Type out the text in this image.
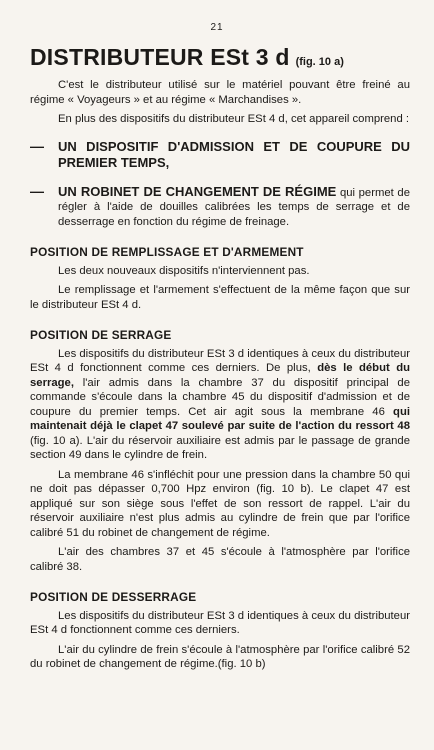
21
DISTRIBUTEUR ESt 3 d (fig. 10 a)

C'est le distributeur utilisé sur le matériel pouvant être freiné au régime « Voyageurs » et au régime « Marchandises ».

En plus des dispositifs du distributeur ESt 4 d, cet appareil comprend :

— UN DISPOSITIF D'ADMISSION ET DE COUPURE DU PREMIER TEMPS,
— UN ROBINET DE CHANGEMENT DE RÉGIME qui permet de régler à l'aide de douilles calibrées les temps de serrage et de desserrage en fonction du régime de freinage.
POSITION DE REMPLISSAGE ET D'ARMEMENT

Les deux nouveaux dispositifs n'interviennent pas.

Le remplissage et l'armement s'effectuent de la même façon que sur le distributeur ESt 4 d.

POSITION DE SERRAGE

Les dispositifs du distributeur ESt 3 d identiques à ceux du distributeur ESt 4 d fonctionnent comme ces derniers. De plus, dès le début du serrage, l'air admis dans la chambre 37 du dispositif principal de commande s'écoule dans la chambre 45 du dispositif d'admission et de coupure du premier temps. Cet air agit sous la membrane 46 qui maintenait déjà le clapet 47 soulevé par suite de l'action du ressort 48 (fig. 10 a). L'air du réservoir auxiliaire est admis par le passage de grande section 49 dans le cylindre de frein.

La membrane 46 s'infléchit pour une pression dans la chambre 50 qui ne doit pas dépasser 0,700 Hpz environ (fig. 10 b). Le clapet 47 est appliqué sur son siège sous l'effet de son ressort de rappel. L'air du réservoir auxiliaire n'est plus admis au cylindre de frein que par l'orifice calibré 51 du robinet de changement de régime.

L'air des chambres 37 et 45 s'écoule à l'atmosphère par l'orifice calibré 38.

POSITION DE DESSERRAGE

Les dispositifs du distributeur ESt 3 d identiques à ceux du distributeur ESt 4 d fonctionnent comme ces derniers.

L'air du cylindre de frein s'écoule à l'atmosphère par l'orifice calibré 52 du robinet de changement de régime.(fig. 10 b)
